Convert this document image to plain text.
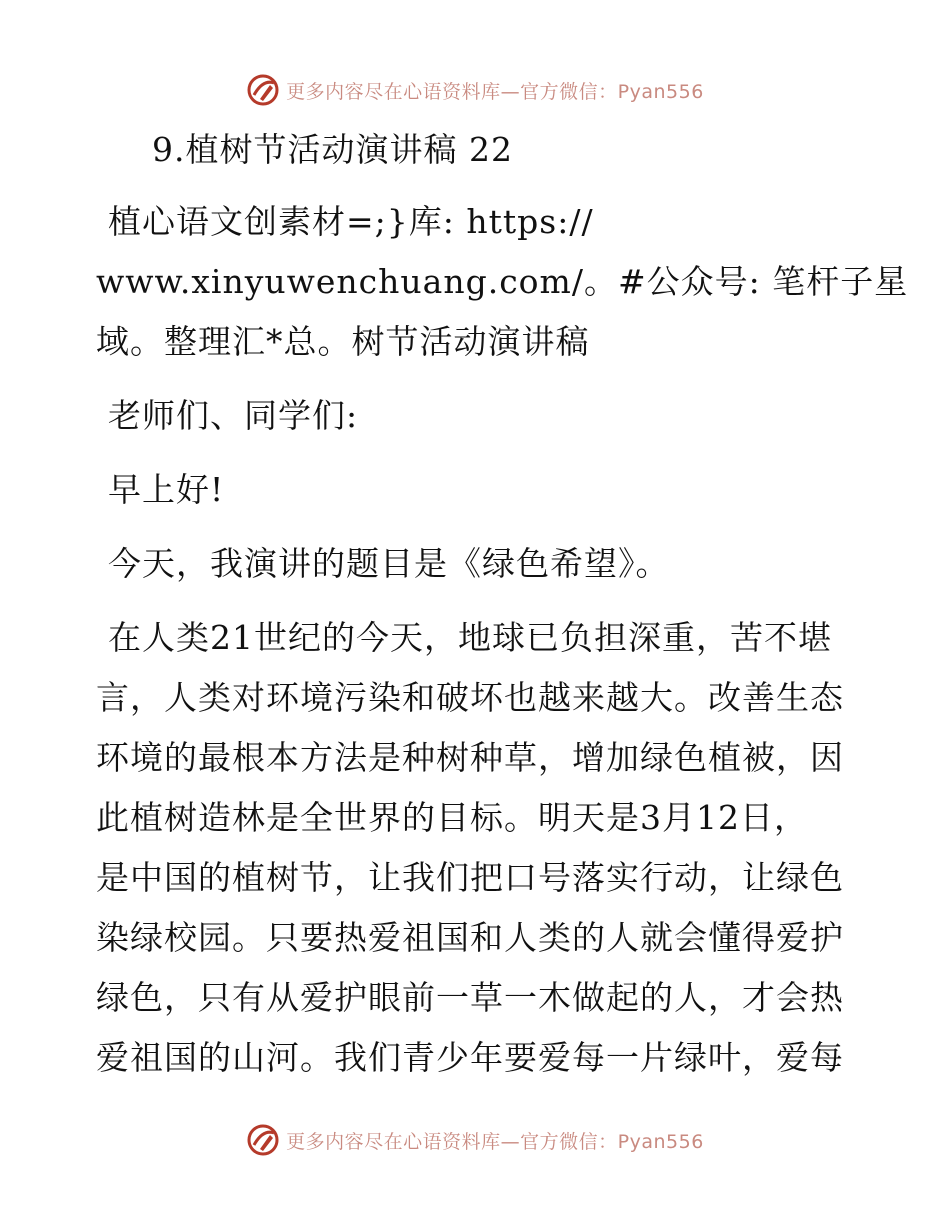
更多内容尽在心语资料库—官方微信：Pyan556
9.植树节活动演讲稿 22
植心语文创素材=;}库: https://
www.xinyuwenchuang.com/。#公众号: 笔杆子星
域。整理汇*总。树节活动演讲稿
老师们、同学们:
早上好!
今天，我演讲的题目是《绿色希望》。
在人类21世纪的今天，地球已负担深重，苦不堪
言，人类对环境污染和破坏也越来越大。改善生态
环境的最根本方法是种树种草，增加绿色植被，因
此植树造林是全世界的目标。明天是3月12日，
是中国的植树节，让我们把口号落实行动，让绿色
染绿校园。只要热爱祖国和人类的人就会懂得爱护
绿色，只有从爱护眼前一草一木做起的人，才会热
爱祖国的山河。我们青少年要爱每一片绿叶，爱每
更多内容尽在心语资料库—官方微信：Pyan556
